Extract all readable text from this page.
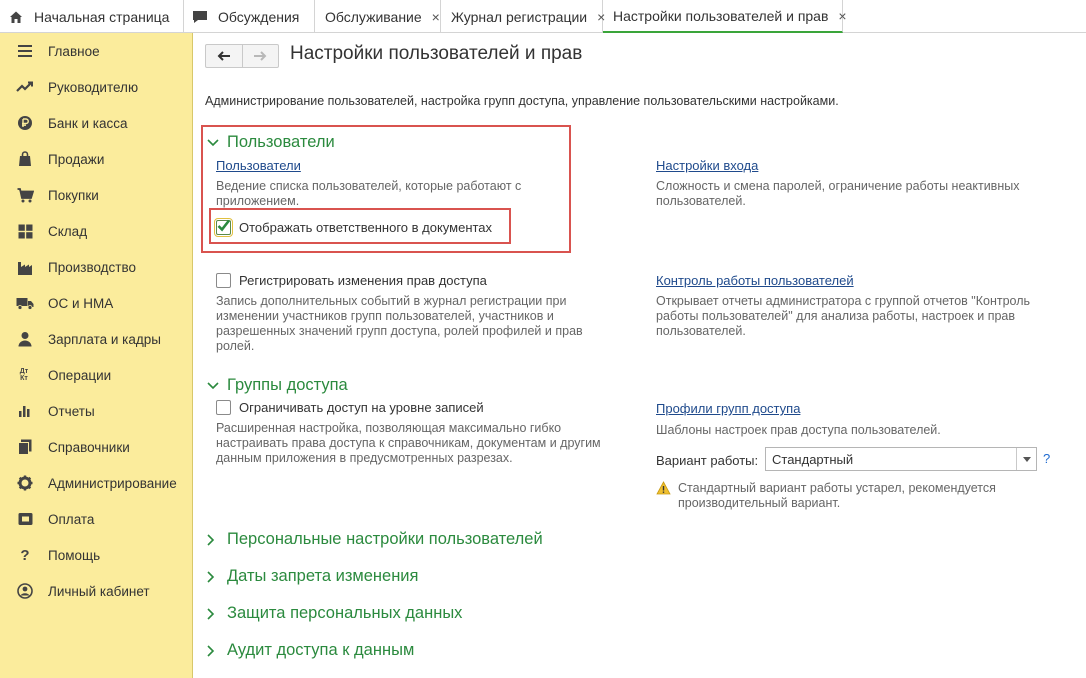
Начальная страница	Обсуждения Обслуживание × Журнал регистрации × Настройки пользователей и прав ×
Главное
Руководителю
Банк и касса
Продажи
Покупки
Склад
Производство
ОС и НМА
Зарплата и кадры
Дт Кт	Операции
Отчеты
Справочники
Администрирование
Оплата
?	Помощь
Личный кабинет
Настройки пользователей и прав
Администрирование пользователей, настройка групп доступа, управление пользовательскими настройками.
Пользователи
Пользователи
Ведение списка пользователей, которые работают с приложением.
Отображать ответственного в документах
Настройки входа
Сложность и смена паролей, ограничение работы неактивных пользователей.
Регистрировать изменения прав доступа
Запись дополнительных событий в журнал регистрации при изменении участников групп пользователей, участников и разрешенных значений групп доступа, ролей профилей и прав ролей.
Контроль работы пользователей
Открывает отчеты администратора с группой отчетов "Контроль работы пользователей" для анализа работы, настроек и прав пользователей.
Группы доступа
Ограничивать доступ на уровне записей
Расширенная настройка, позволяющая максимально гибко настраивать права доступа к справочникам, документам и другим данным приложения в предусмотренных разрезах.
Профили групп доступа
Шаблоны настроек прав доступа пользователей.
Вариант работы:	Стандартный	?
Стандартный вариант работы устарел, рекомендуется производительный вариант.
Персональные настройки пользователей
Даты запрета изменения
Защита персональных данных
Аудит доступа к данным
